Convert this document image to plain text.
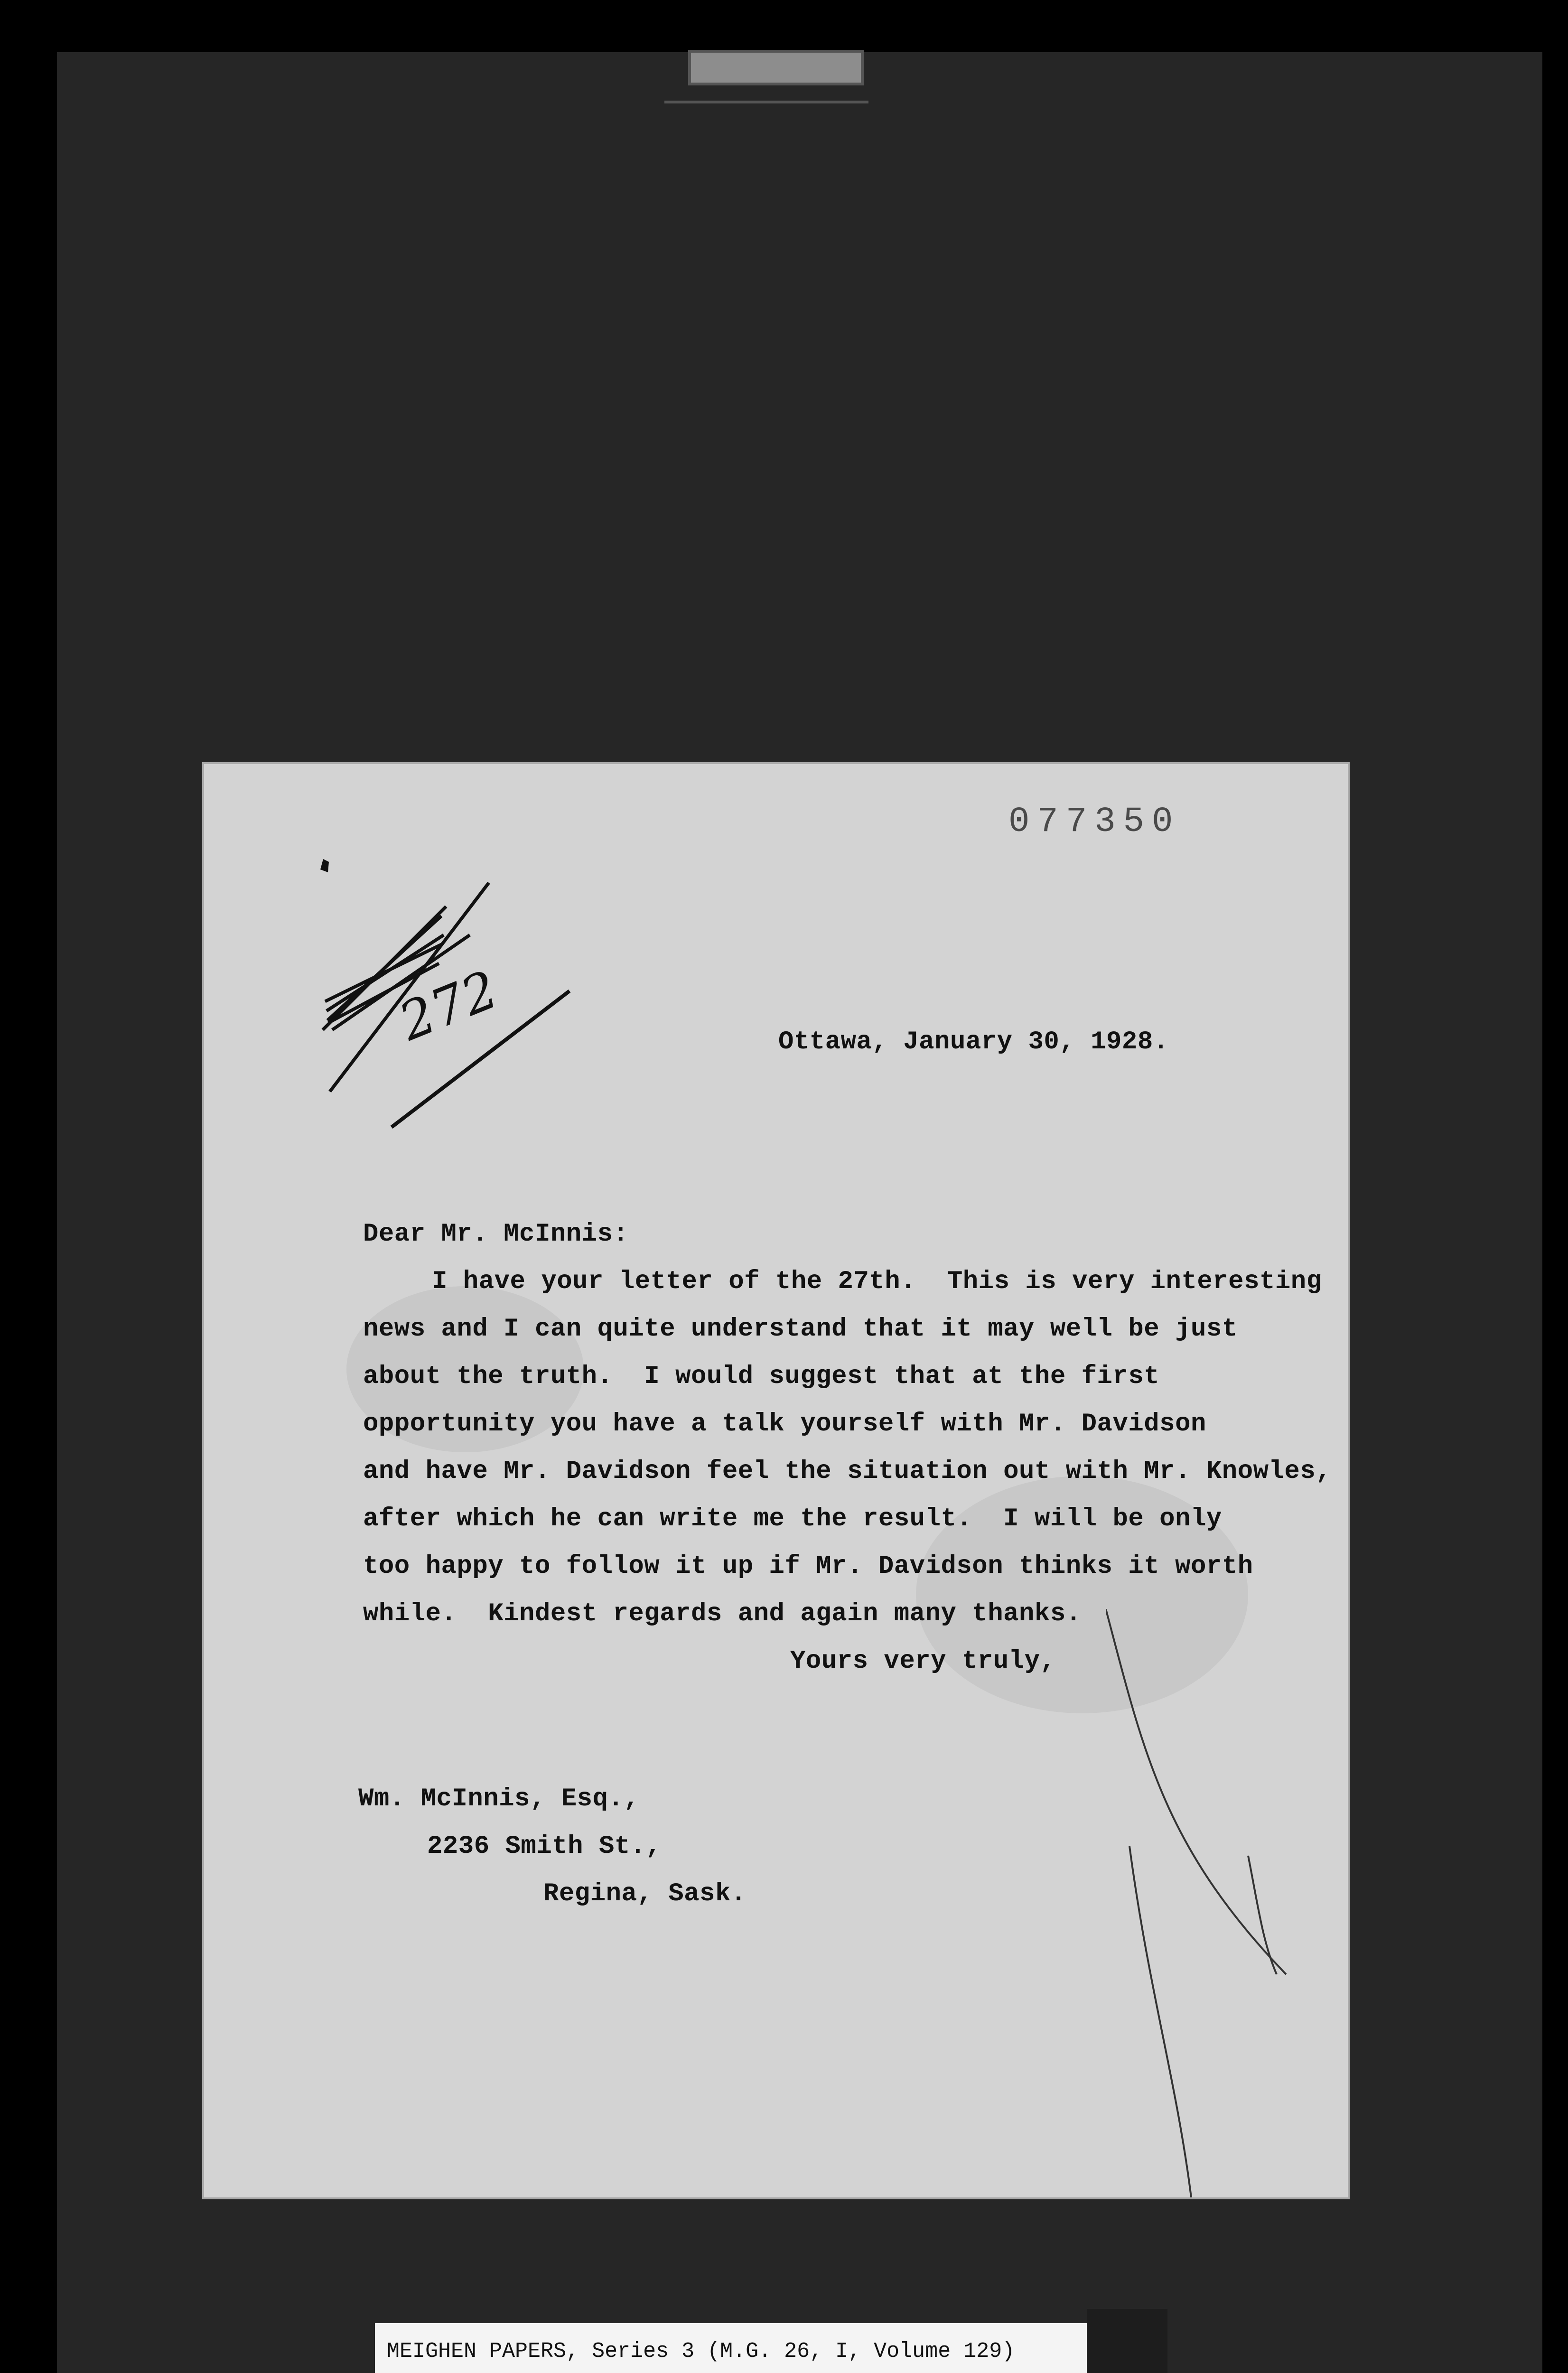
077350
272	Ottawa, January 30, 1928.
Dear Mr. McInnis:
I have your letter of the 27th.  This is very interesting
news and I can quite understand that it may well be just
about the truth.  I would suggest that at the first
opportunity you have a talk yourself with Mr. Davidson
and have Mr. Davidson feel the situation out with Mr. Knowles,
after which he can write me the result.  I will be only
too happy to follow it up if Mr. Davidson thinks it worth
while.  Kindest regards and again many thanks.
Yours very truly,
Wm. McInnis, Esq.,
2236 Smith St.,
Regina, Sask.
MEIGHEN PAPERS, Series 3 (M.G. 26, I, Volume 129)
